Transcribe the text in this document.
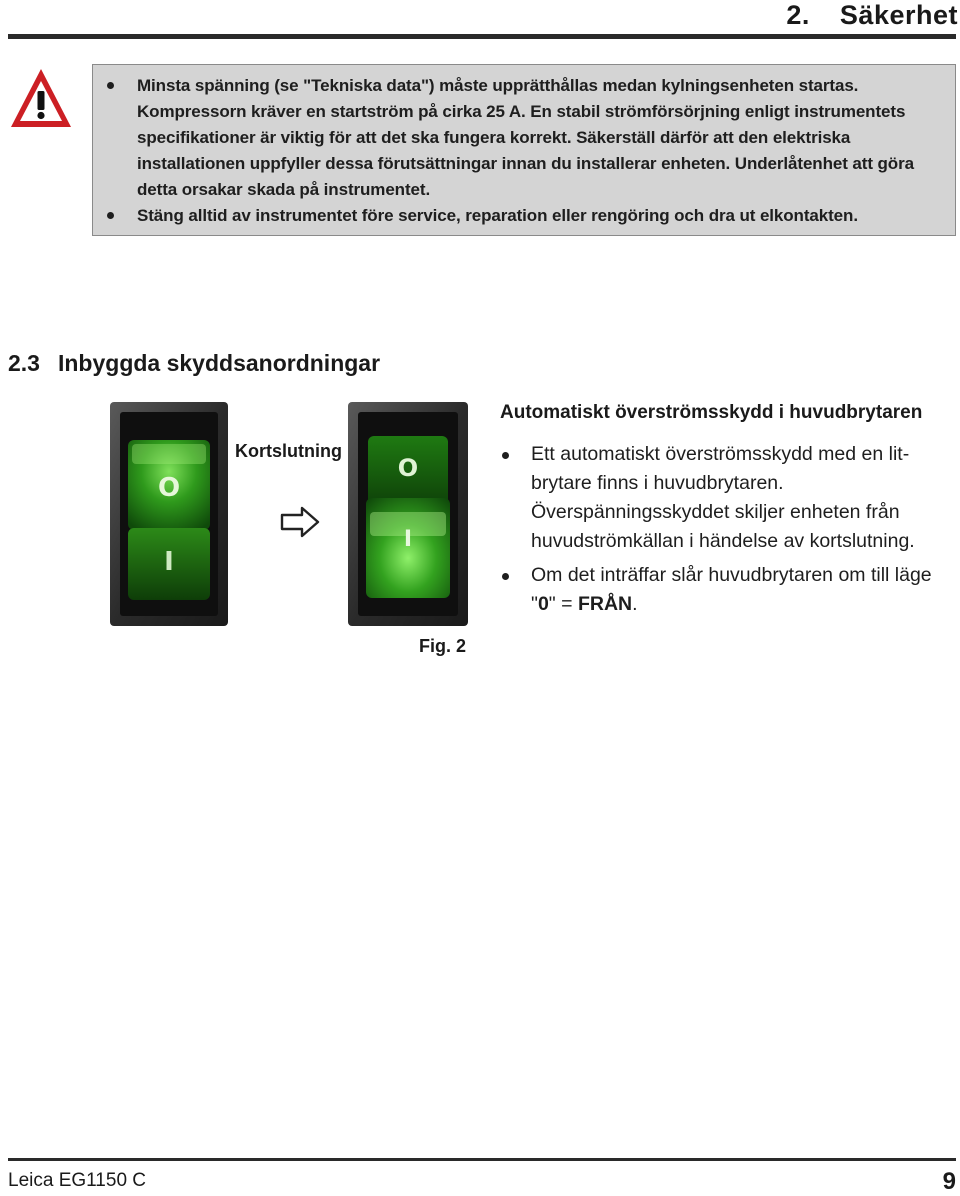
2. Säkerhet
Minsta spänning (se "Tekniska data") måste upprätthållas medan kylningsenheten startas. Kompressorn kräver en startström på cirka 25 A. En stabil strömförsörjning enligt instrumentets specifikationer är viktig för att det ska fungera korrekt. Säkerställ därför att den elektriska installationen uppfyller dessa förutsättningar innan du installerar enheten. Underlåtenhet att göra detta orsakar skada på instrumentet.
Stäng alltid av instrumentet före service, reparation eller rengöring och dra ut elkontakten.
2.3 Inbyggda skyddsanordningar
O
I
Kortslutning
O
I
Fig. 2
Automatiskt överströmsskydd i huvudbrytaren
Ett automatiskt överströmsskydd med en lit-brytare finns i huvudbrytaren. Överspänningsskyddet skiljer enheten från huvudströmkällan i händelse av kortslutning.
Om det inträffar slår huvudbrytaren om till läge "0" = FRÅN.
Leica EG1150 C	9
